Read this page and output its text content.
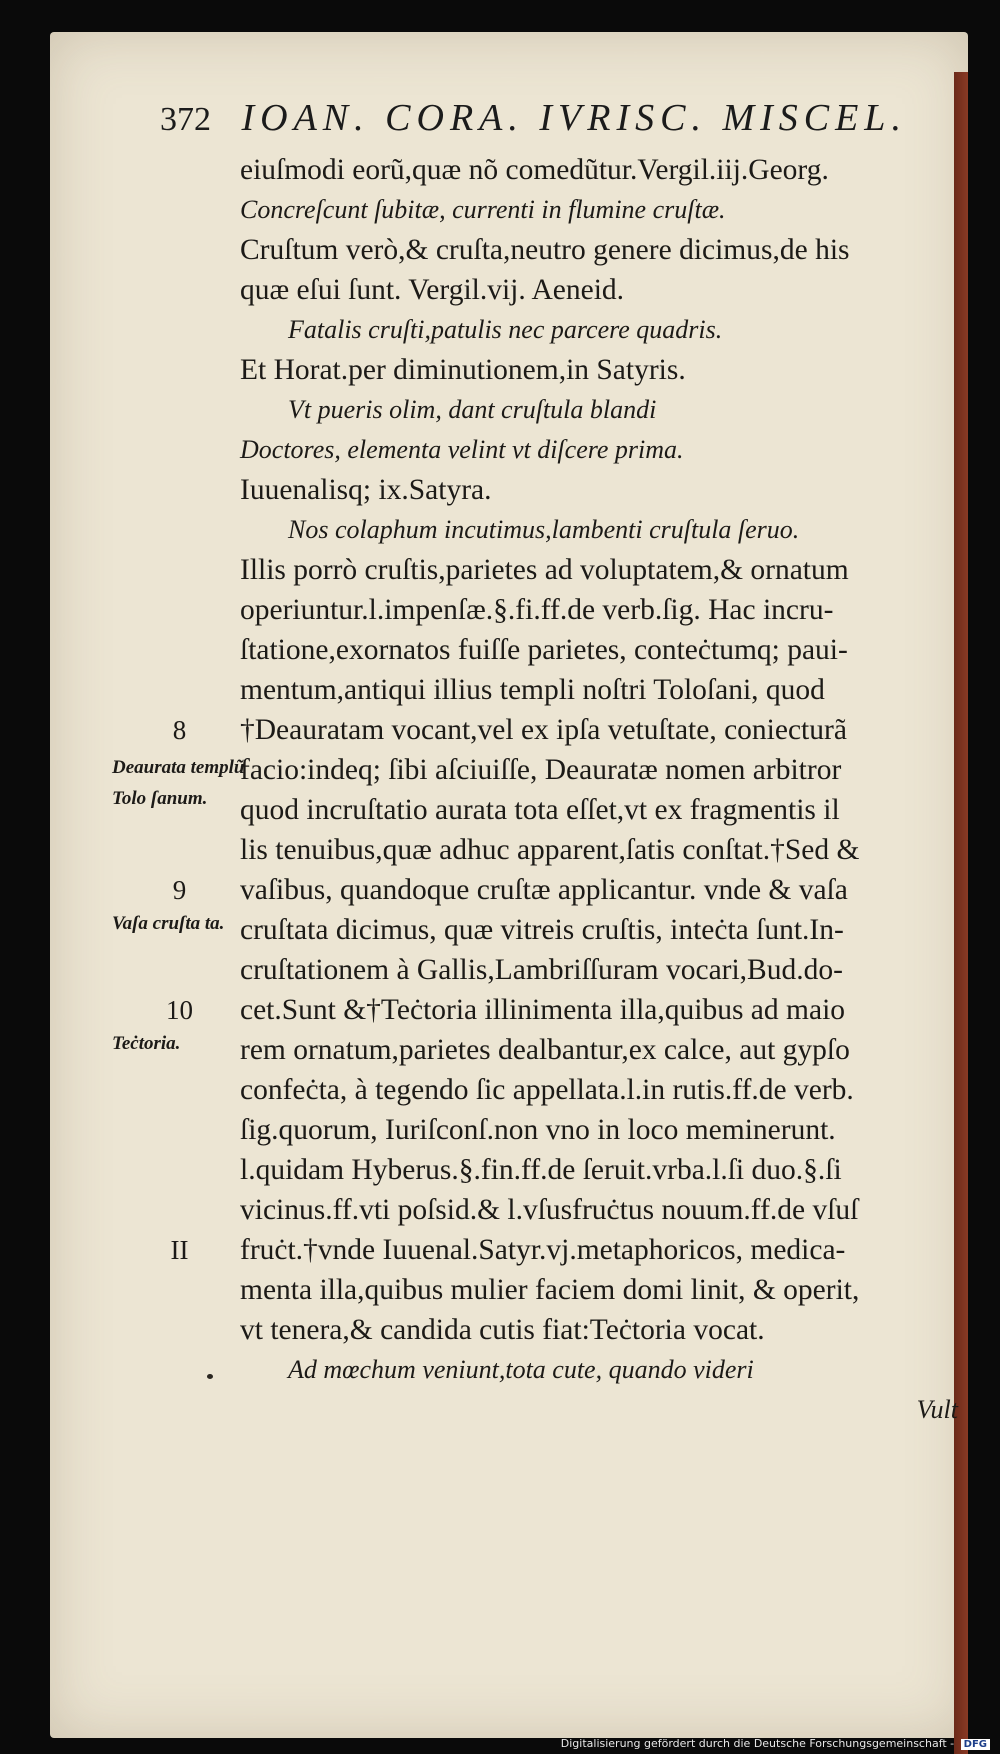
372 IOAN. CORA. IVRISC. MISCEL.
eiuſmodi eorũ,quæ nõ comedũtur.Vergil.iij.Georg.
Concreſcunt ſubitæ, currenti in flumine cruſtæ.
Cruſtum verò,& cruſta,neutro genere dicimus,de his
quæ eſui ſunt. Vergil.vij. Aeneid.
Fatalis cruſti,patulis nec parcere quadris.
Et Horat.per diminutionem,in Satyris.
Vt pueris olim, dant cruſtula blandi
Doctores, elementa velint vt diſcere prima.
Iuuenalisq; ix.Satyra.
Nos colaphum incutimus,lambenti cruſtula ſeruo.
Illis porrò cruſtis,parietes ad voluptatem,& ornatum
operiuntur.l.impenſæ.§.fi.ff.de verb.ſig. Hac incru-
ſtatione,exornatos fuiſſe parietes, conteċtumq; paui-
mentum,antiqui illius templi noſtri Toloſani, quod
†Deauratam vocant,vel ex ipſa vetuſtate, coniecturã
facio:indeq; ſibi aſciuiſſe, Deauratæ nomen arbitror
quod incruſtatio aurata tota eſſet,vt ex fragmentis il
lis tenuibus,quæ adhuc apparent,ſatis conſtat.†Sed &
vaſibus, quandoque cruſtæ applicantur. vnde & vaſa
cruſtata dicimus, quæ vitreis cruſtis, inteċta ſunt.In-
cruſtationem à Gallis,Lambriſſuram vocari,Bud.do-
cet.Sunt &†Teċtoria illinimenta illa,quibus ad maio
rem ornatum,parietes dealbantur,ex calce, aut gypſo
confeċta, à tegendo ſic appellata.l.in rutis.ff.de verb.
ſig.quorum, Iuriſconſ.non vno in loco meminerunt.
l.quidam Hyberus.§.fin.ff.de ſeruit.vrba.l.ſi duo.§.ſi
vicinus.ff.vti poſsid.& l.vſusfruċtus nouum.ff.de vſuſ
fruċt.†vnde Iuuenal.Satyr.vj.metaphoricos, medica-
menta illa,quibus mulier faciem domi linit, & operit,
vt tenera,& candida cutis fiat:Teċtoria vocat.
Ad mœchum veniunt,tota cute, quando videri
Vult
8
Deaurata templũ Tolo ſanum.
9
Vaſa cruſta ta.
10
Teċtoria.
II
Digitalisierung gefördert durch die Deutsche Forschungsgemeinschaft - DFG
